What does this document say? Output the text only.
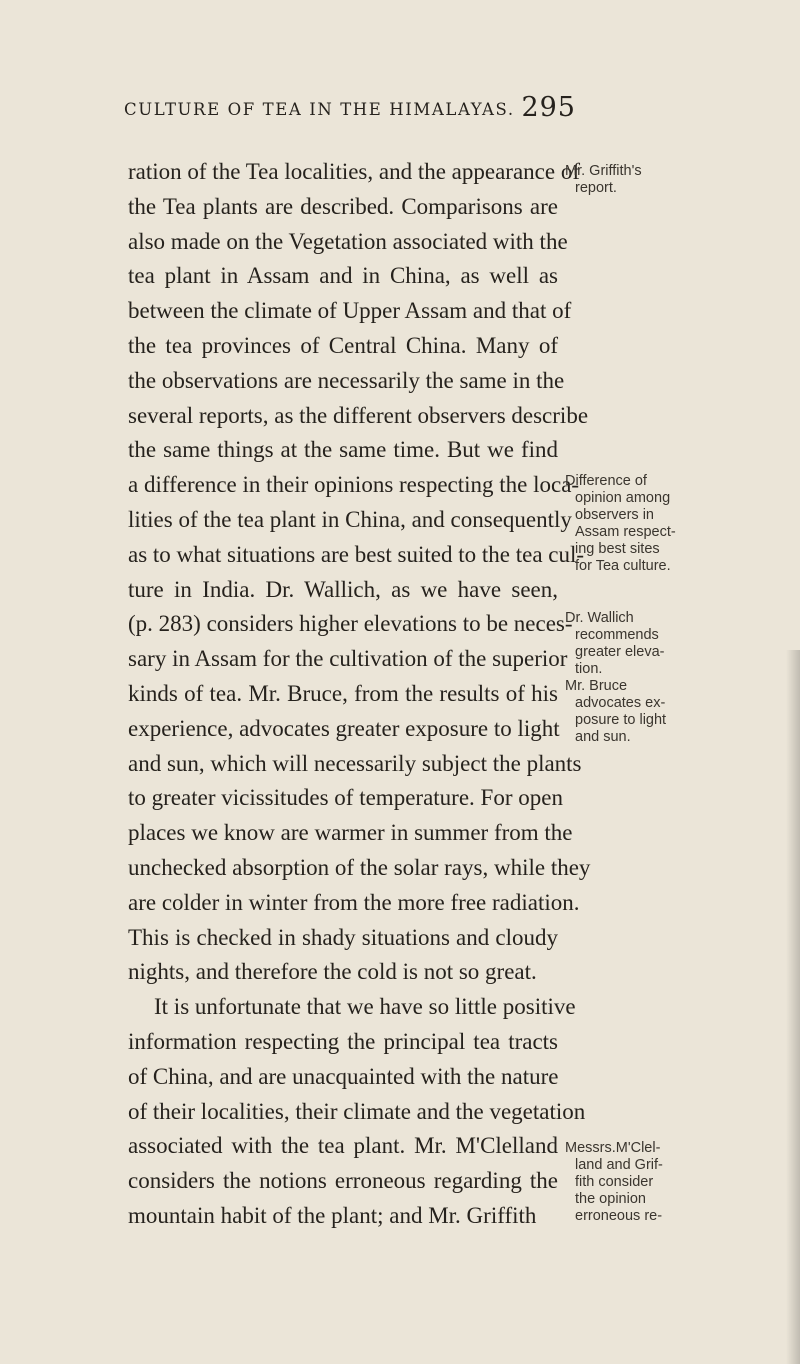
CULTURE OF TEA IN THE HIMALAYAS. 295
ration of the Tea localities, and the appearance of
the Tea plants are described. Comparisons are
also made on the Vegetation associated with the
tea plant in Assam and in China, as well as
between the climate of Upper Assam and that of
the tea provinces of Central China. Many of
the observations are necessarily the same in the
several reports, as the different observers describe
the same things at the same time. But we find
a difference in their opinions respecting the loca-
lities of the tea plant in China, and consequently
as to what situations are best suited to the tea cul-
ture in India. Dr. Wallich, as we have seen,
(p. 283) considers higher elevations to be neces-
sary in Assam for the cultivation of the superior
kinds of tea. Mr. Bruce, from the results of his
experience, advocates greater exposure to light
and sun, which will necessarily subject the plants
to greater vicissitudes of temperature. For open
places we know are warmer in summer from the
unchecked absorption of the solar rays, while they
are colder in winter from the more free radiation.
This is checked in shady situations and cloudy
nights, and therefore the cold is not so great.
It is unfortunate that we have so little positive
information respecting the principal tea tracts
of China, and are unacquainted with the nature
of their localities, their climate and the vegetation
associated with the tea plant. Mr. M'Clelland
considers the notions erroneous regarding the
mountain habit of the plant; and Mr. Griffith
Mr. Griffith's
report.
Difference of
opinion among
observers in
Assam respect-
ing best sites
for Tea culture.
Dr. Wallich
recommends
greater eleva-
tion.
Mr. Bruce
advocates ex-
posure to light
and sun.
Messrs.M'Clel-
land and Grif-
fith consider
the opinion
erroneous re-
